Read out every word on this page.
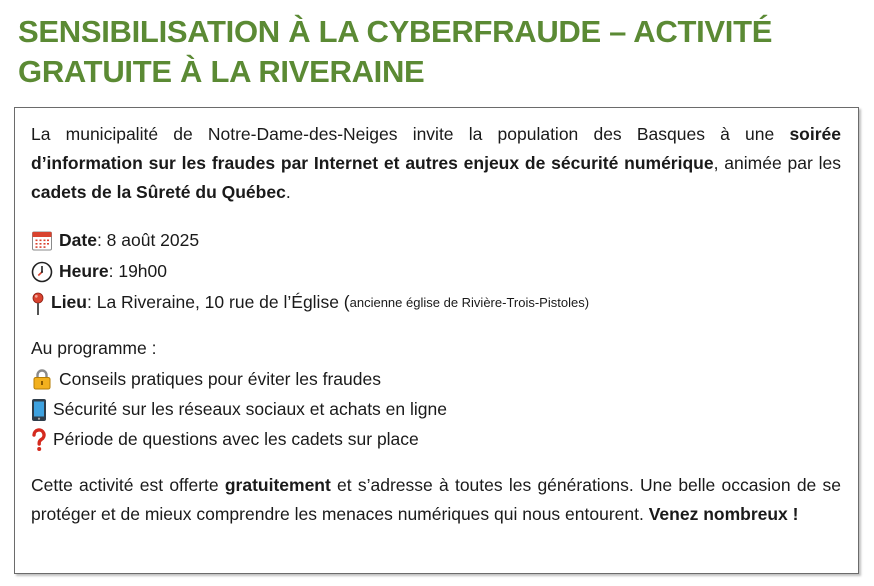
SENSIBILISATION À LA CYBERFRAUDE – ACTIVITÉ
GRATUITE À LA RIVERAINE
La municipalité de Notre-Dame-des-Neiges invite la population des Basques à une soirée d’information sur les fraudes par Internet et autres enjeux de sécurité numérique, animée par les cadets de la Sûreté du Québec.
Date : 8 août 2025
Heure : 19h00
Lieu : La Riveraine, 10 rue de l’Église ( ancienne église de Rivière-Trois-Pistoles)
Au programme :
Conseils pratiques pour éviter les fraudes
Sécurité sur les réseaux sociaux et achats en ligne
Période de questions avec les cadets sur place
Cette activité est offerte gratuitement et s’adresse à toutes les générations. Une belle occasion de se protéger et de mieux comprendre les menaces numériques qui nous entourent. Venez nombreux !
